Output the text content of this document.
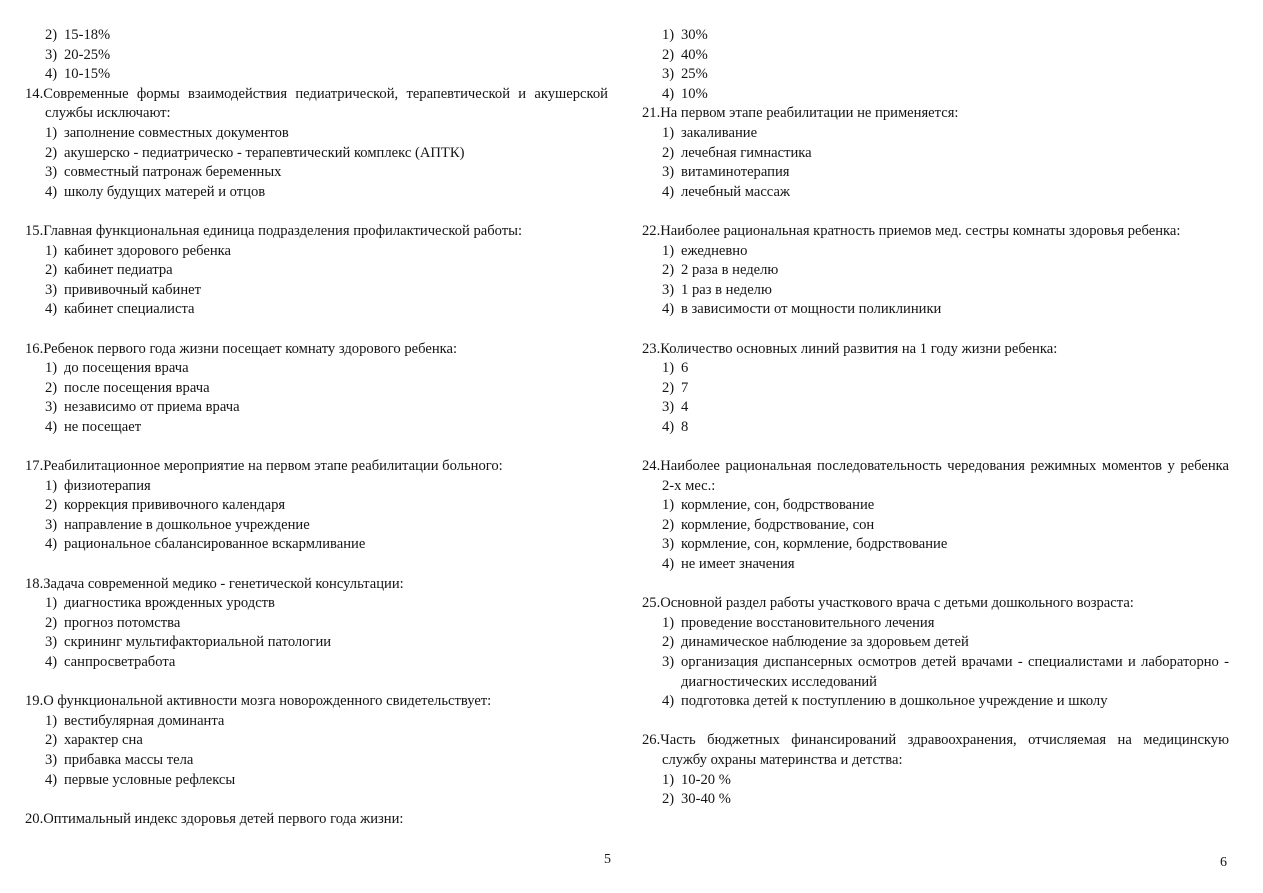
2) 15-18%
3) 20-25%
4) 10-15%
14.Современные формы взаимодействия педиатрической, терапевтической и акушерской службы исключают:
1) заполнение совместных документов
2) акушерско - педиатрическо - терапевтический комплекс (АПТК)
3) совместный патронаж беременных
4) школу будущих матерей и отцов
15.Главная функциональная единица подразделения профилактической работы:
1) кабинет здорового ребенка
2) кабинет педиатра
3) прививочный кабинет
4) кабинет специалиста
16.Ребенок первого года жизни посещает комнату здорового ребенка:
1) до посещения врача
2) после посещения врача
3) независимо от приема врача
4) не посещает
17.Реабилитационное мероприятие на первом этапе реабилитации больного:
1) физиотерапия
2) коррекция прививочного календаря
3) направление в дошкольное учреждение
4) рациональное сбалансированное вскармливание
18.Задача современной медико - генетической консультации:
1) диагностика врожденных уродств
2) прогноз потомства
3) скрининг мультифакториальной патологии
4) санпросветработа
19.О функциональной активности мозга новорожденного свидетельствует:
1) вестибулярная доминанта
2) характер сна
3) прибавка массы тела
4) первые условные рефлексы
20.Оптимальный индекс здоровья детей первого года жизни:
5
1) 30%
2) 40%
3) 25%
4) 10%
21.На первом этапе реабилитации не применяется:
1) закаливание
2) лечебная гимнастика
3) витаминотерапия
4) лечебный массаж
22.Наиболее рациональная кратность приемов мед. сестры комнаты здоровья ребенка:
1) ежедневно
2) 2 раза в неделю
3) 1 раз в неделю
4) в зависимости от мощности поликлиники
23.Количество основных линий развития на 1 году жизни ребенка:
1) 6
2) 7
3) 4
4) 8
24.Наиболее рациональная последовательность чередования режимных моментов у ребенка 2-х мес.:
1) кормление, сон, бодрствование
2) кормление, бодрствование, сон
3) кормление, сон, кормление, бодрствование
4) не имеет значения
25.Основной раздел работы участкового врача с детьми дошкольного возраста:
1) проведение восстановительного лечения
2) динамическое наблюдение за здоровьем детей
3) организация диспансерных осмотров детей врачами - специалистами и лабораторно - диагностических исследований
4) подготовка детей к поступлению в дошкольное учреждение и школу
26.Часть бюджетных финансирований здравоохранения, отчисляемая на медицинскую службу охраны материнства и детства:
1) 10-20 %
2) 30-40 %
6
